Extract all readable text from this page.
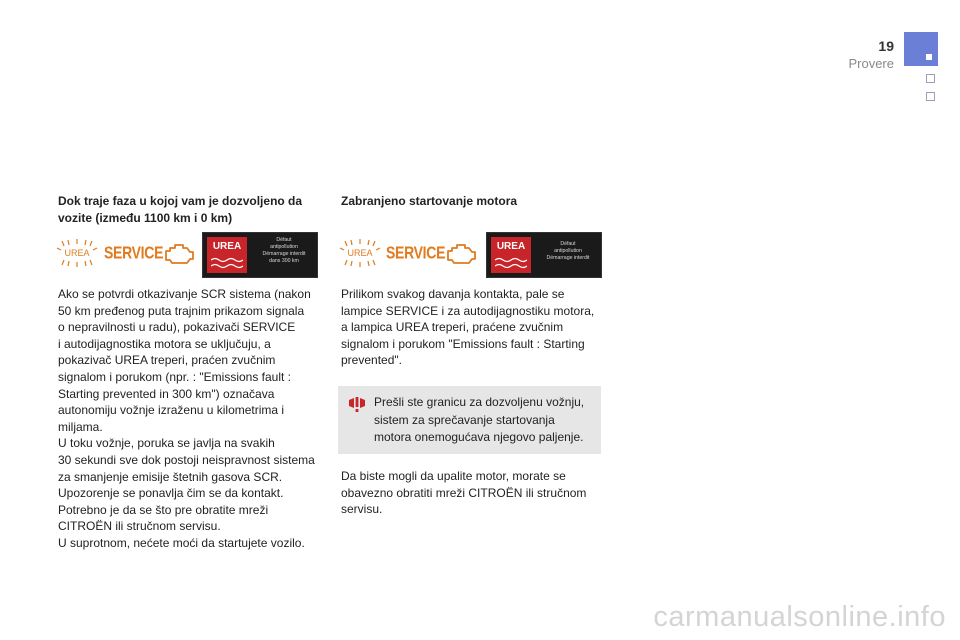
19
Provere

Dok traje faza u kojoj vam je dozvoljeno da
vozite (između 1100 km i 0 km)

UREA SERVICE	UREA
Défaut
antipollution
Démarrage interdit
dans 300 km

Ako se potvrdi otkazivanje SCR sistema (nakon
50 km pređenog puta trajnim prikazom signala
o nepravilnosti u radu), pokazivači SERVICE
i autodijagnostika motora se uključuju, a
pokazivač UREA treperi, praćen zvučnim
signalom i porukom (npr. : "Emissions fault :
Starting prevented in 300 km") označava
autonomiju vožnje izraženu u kilometrima i
miljama.
U toku vožnje, poruka se javlja na svakih
30 sekundi sve dok postoji neispravnost sistema
za smanjenje emisije štetnih gasova SCR.
Upozorenje se ponavlja čim se da kontakt.
Potrebno je da se što pre obratite mreži
CITROËN ili stručnom servisu.
U suprotnom, nećete moći da startujete vozilo.

Zabranjeno startovanje motora

UREA SERVICE	UREA	Défaut
antipollution
Démarrage interdit

Prilikom svakog davanja kontakta, pale se
lampice SERVICE i za autodijagnostiku motora,
a lampica UREA treperi, praćene zvučnim
signalom i porukom "Emissions fault : Starting
prevented".

Prešli ste granicu za dozvoljenu vožnju,
sistem za sprečavanje startovanja
motora onemogućava njegovo paljenje.

Da biste mogli da upalite motor, morate se
obavezno obratiti mreži CITROËN ili stručnom
servisu.

carmanualsonline.info
